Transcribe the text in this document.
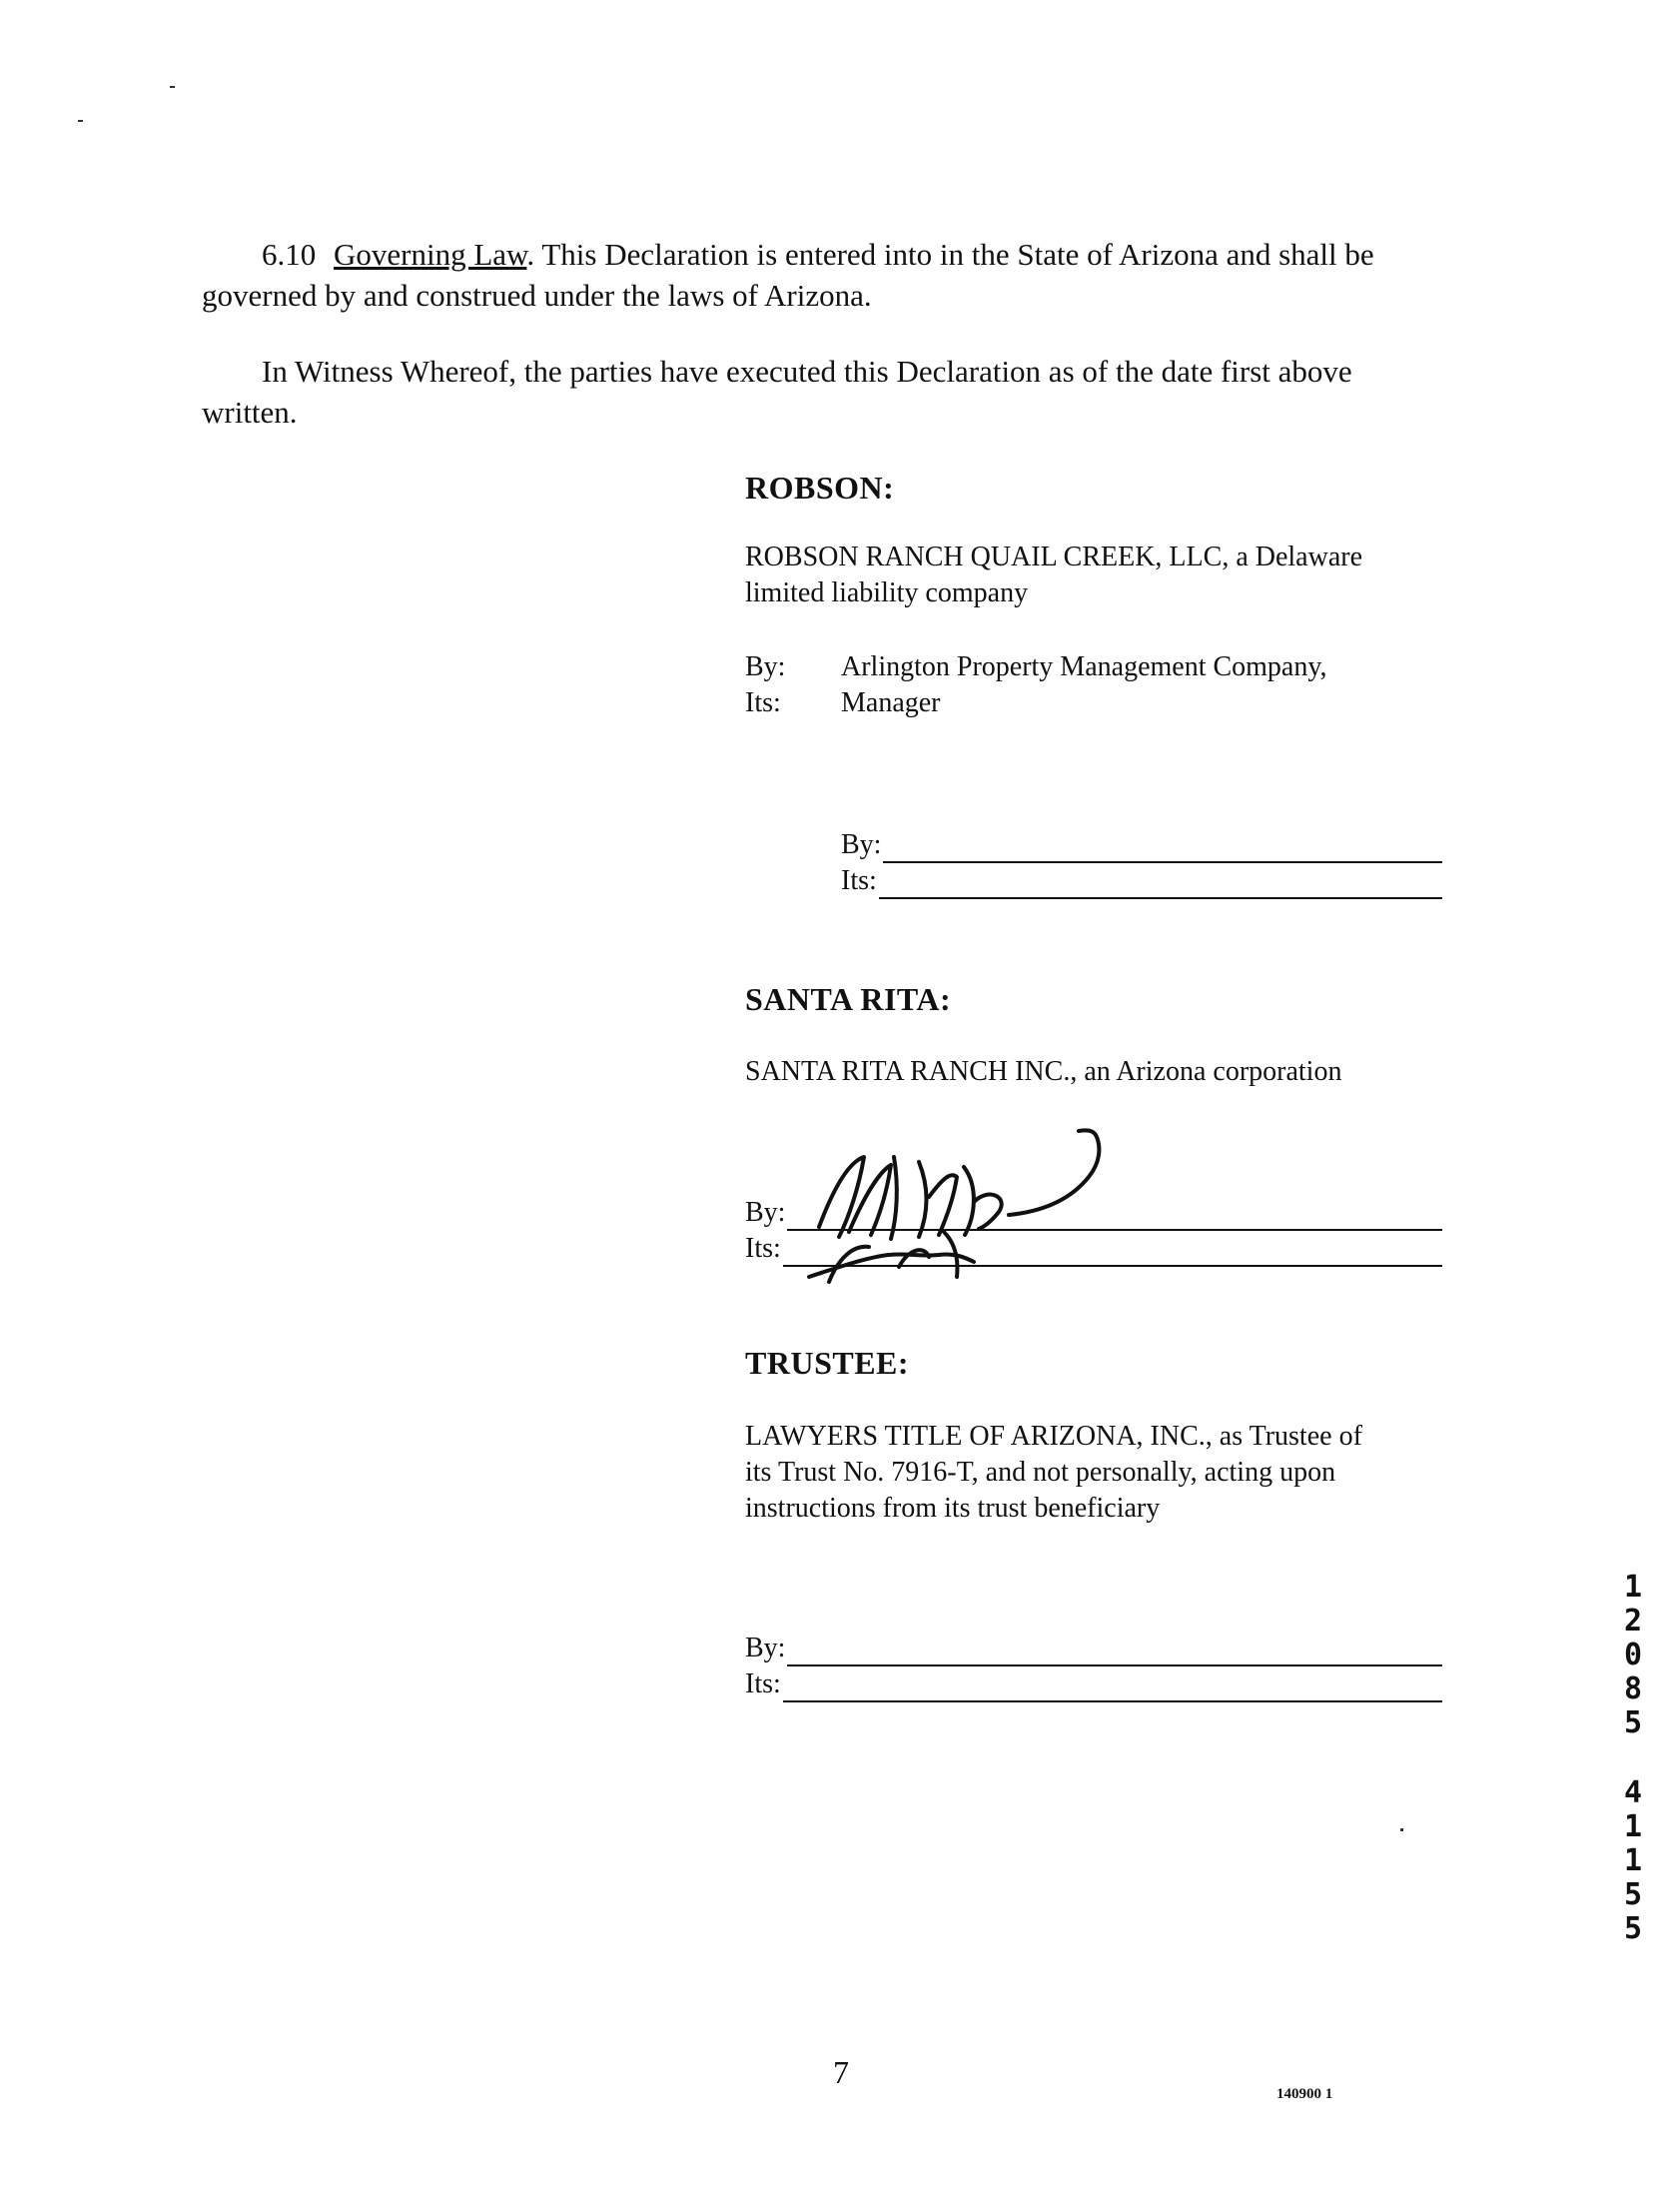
6.10 Governing Law. This Declaration is entered into in the State of Arizona and shall be
governed by and construed under the laws of Arizona.
In Witness Whereof, the parties have executed this Declaration as of the date first above
written.
ROBSON:
ROBSON RANCH QUAIL CREEK, LLC, a Delaware
limited liability company
By:	Arlington Property Management Company,
Its:	Manager
By:
Its:
SANTA RITA:
SANTA RITA RANCH INC., an Arizona corporation
By:
Its:
TRUSTEE:
LAWYERS TITLE OF ARIZONA, INC., as Trustee of
its Trust No. 7916-T, and not personally, acting upon
instructions from its trust beneficiary
By:
Its:
1
2
0
8
5
4
1
1
5
5
7
140900 1
